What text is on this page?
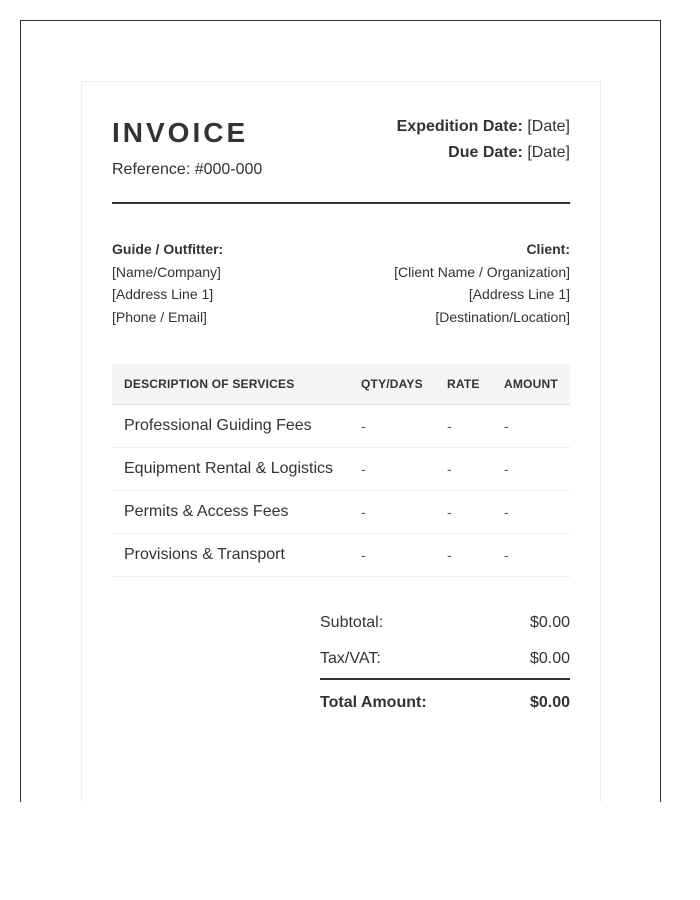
INVOICE
Reference: #000-000
Expedition Date: [Date]
Due Date: [Date]
Guide / Outfitter:
[Name/Company]
[Address Line 1]
[Phone / Email]
Client:
[Client Name / Organization]
[Address Line 1]
[Destination/Location]
DESCRIPTION OF SERVICES	QTY/DAYS	RATE	AMOUNT
Professional Guiding Fees	-	-	-
Equipment Rental & Logistics	-	-	-
Permits & Access Fees	-	-	-
Provisions & Transport	-	-	-
Subtotal:	$0.00
Tax/VAT:	$0.00
Total Amount:	$0.00
